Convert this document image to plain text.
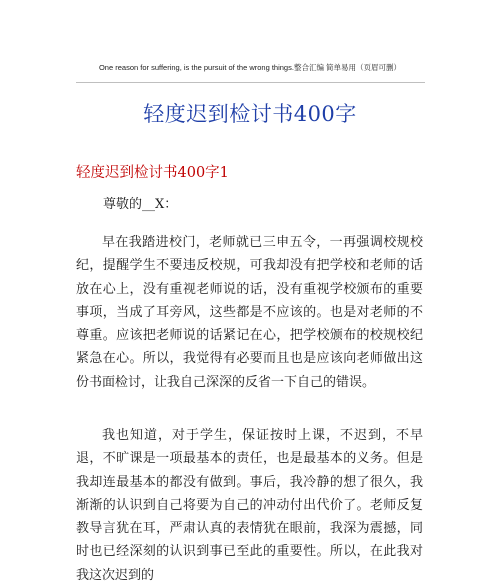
One reason for suffering, is the pursuit of the wrong things.整合汇编 简单易用（页眉可删）
轻度迟到检讨书400字
轻度迟到检讨书400字1
尊敬的__X：
早在我踏进校门，老师就已三申五令，一再强调校规校纪，提醒学生不要违反校规，可我却没有把学校和老师的话放在心上，没有重视老师说的话，没有重视学校颁布的重要事项，当成了耳旁风，这些都是不应该的。也是对老师的不尊重。应该把老师说的话紧记在心，把学校颁布的校规校纪紧急在心。所以，我觉得有必要而且也是应该向老师做出这份书面检讨，让我自己深深的反省一下自己的错误。
我也知道，对于学生，保证按时上课，不迟到，不早退，不旷课是一项最基本的责任，也是最基本的义务。但是我却连最基本的都没有做到。事后，我冷静的想了很久，我渐渐的认识到自己将要为自己的冲动付出代价了。老师反复教导言犹在耳，严肃认真的表情犹在眼前，我深为震撼，同时也已经深刻的认识到事已至此的重要性。所以，在此我对我这次迟到的
